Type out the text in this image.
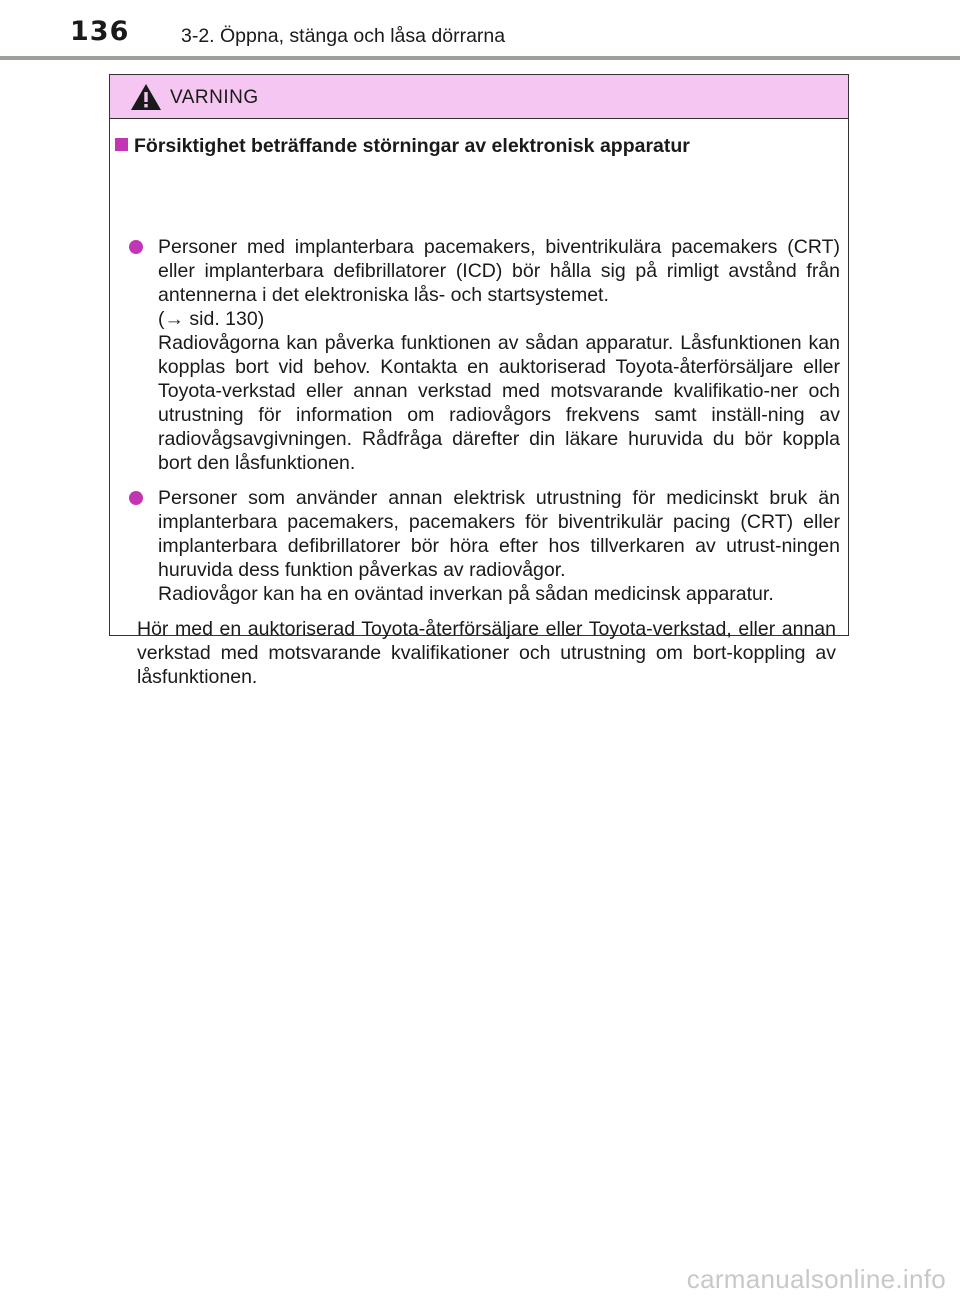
136	3-2. Öppna, stänga och låsa dörrarna
VARNING
Försiktighet beträffande störningar av elektronisk apparatur
Personer med implanterbara pacemakers, biventrikulära pacemakers (CRT) eller implanterbara defibrillatorer (ICD) bör hålla sig på rimligt avstånd från antennerna i det elektroniska lås- och startsystemet.
(→ sid. 130)
Radiovågorna kan påverka funktionen av sådan apparatur. Låsfunktionen kan kopplas bort vid behov. Kontakta en auktoriserad Toyota-återförsäljare eller Toyota-verkstad eller annan verkstad med motsvarande kvalifikatio-ner och utrustning för information om radiovågors frekvens samt inställ-ning av radiovågsavgivningen. Rådfråga därefter din läkare huruvida du bör koppla bort den låsfunktionen.
Personer som använder annan elektrisk utrustning för medicinskt bruk än implanterbara pacemakers, pacemakers för biventrikulär pacing (CRT) eller implanterbara defibrillatorer bör höra efter hos tillverkaren av utrust-ningen huruvida dess funktion påverkas av radiovågor.
Radiovågor kan ha en oväntad inverkan på sådan medicinsk apparatur.
Hör med en auktoriserad Toyota-återförsäljare eller Toyota-verkstad, eller annan verkstad med motsvarande kvalifikationer och utrustning om bort-koppling av låsfunktionen.
carmanualsonline.info
